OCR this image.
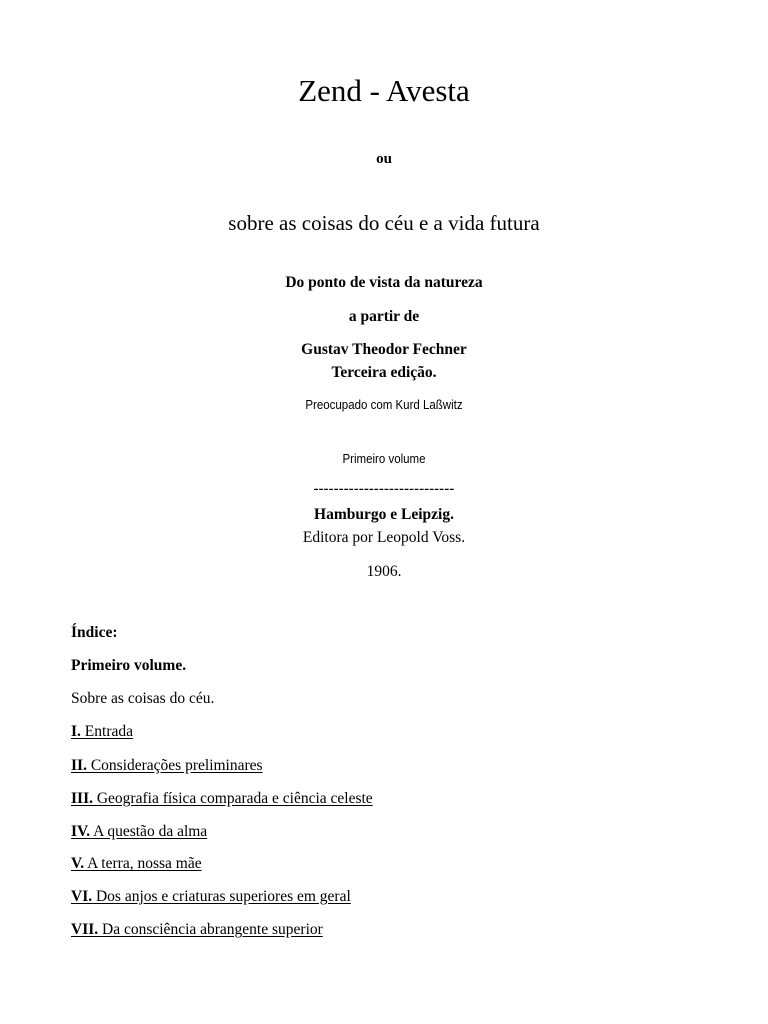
Zend - Avesta
ou
sobre as coisas do céu e a vida futura
Do ponto de vista da natureza
a partir de
Gustav Theodor Fechner
Terceira edição.
Preocupado com Kurd Laßwitz
Primeiro volume
----------------------------
Hamburgo e Leipzig.
Editora por Leopold Voss.
1906.
Índice:
Primeiro volume.
Sobre as coisas do céu.
I. Entrada
II. Considerações preliminares
III. Geografia física comparada e ciência celeste
IV. A questão da alma
V. A terra, nossa mãe
VI. Dos anjos e criaturas superiores em geral
VII. Da consciência abrangente superior
